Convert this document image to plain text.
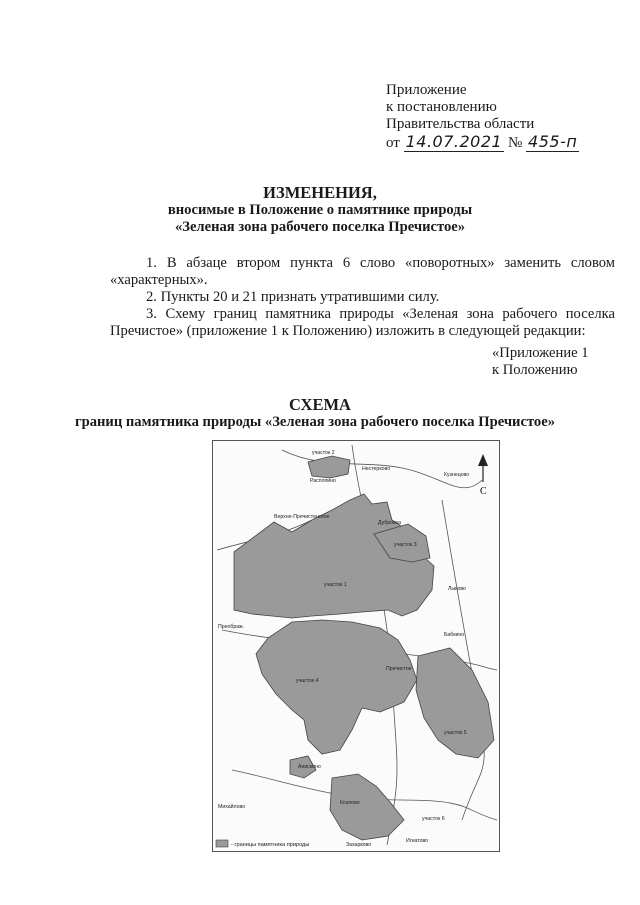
Приложение
к постановлению
Правительства области
от 14.07.2021 № 455-п
ИЗМЕНЕНИЯ,
вносимые в Положение о памятнике природы
«Зеленая зона рабочего поселка Пречистое»
1. В абзаце втором пункта 6 слово «поворотных» заменить словом «характерных».
2. Пункты 20 и 21 признать утратившими силу.
3. Схему границ памятника природы «Зеленая зона рабочего поселка Пречистое» (приложение 1 к Положению) изложить в следующей редакции:
«Приложение 1
к Положению
СХЕМА
границ памятника природы «Зеленая зона рабочего поселка Пречистое»
С
участок 2
Нестерково
Распопино
Кузнецово
Верхне-Пречистенское
участок 1
Дубровка
участок 3
Лыково
Преображ.
Бабкино
участок 4
Пречистое
участок 5
Анискино
Михайлово
Козлово
участок 6
Игнатово
Захарково
- границы памятника природы
